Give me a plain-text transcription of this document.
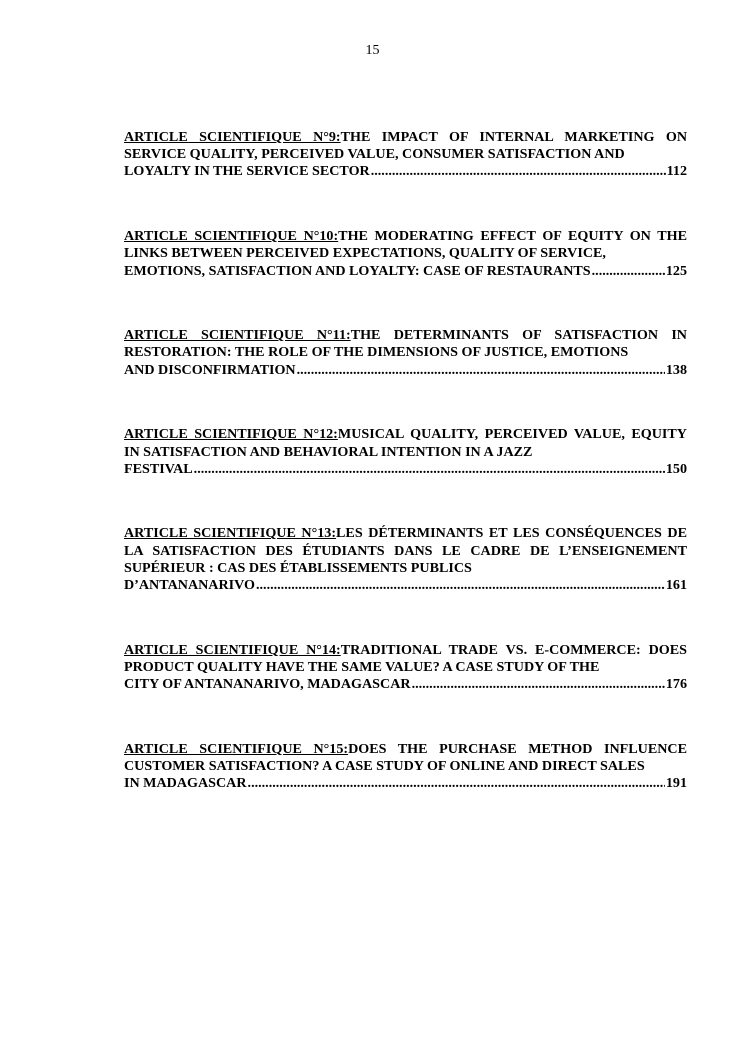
15
ARTICLE SCIENTIFIQUE N°9:THE IMPACT OF INTERNAL MARKETING ON SERVICE QUALITY, PERCEIVED VALUE, CONSUMER SATISFACTION AND
LOYALTY IN THE SERVICE SECTOR .....	112
ARTICLE SCIENTIFIQUE N°10:THE MODERATING EFFECT OF EQUITY ON THE LINKS BETWEEN PERCEIVED EXPECTATIONS, QUALITY OF SERVICE,
EMOTIONS, SATISFACTION AND LOYALTY: CASE OF RESTAURANTS .....	125
ARTICLE SCIENTIFIQUE N°11:THE DETERMINANTS OF SATISFACTION IN RESTORATION: THE ROLE OF THE DIMENSIONS OF JUSTICE, EMOTIONS
AND DISCONFIRMATION .....	138
ARTICLE SCIENTIFIQUE N°12:MUSICAL QUALITY, PERCEIVED VALUE, EQUITY IN SATISFACTION AND BEHAVIORAL INTENTION IN A JAZZ
FESTIVAL .....	150
ARTICLE SCIENTIFIQUE N°13:LES DÉTERMINANTS ET LES CONSÉQUENCES DE LA SATISFACTION DES ÉTUDIANTS DANS LE CADRE DE L’ENSEIGNEMENT SUPÉRIEUR : CAS DES ÉTABLISSEMENTS PUBLICS
D’ANTANANARIVO .....	161
ARTICLE SCIENTIFIQUE N°14:TRADITIONAL TRADE VS. E-COMMERCE: DOES PRODUCT QUALITY HAVE THE SAME VALUE? A CASE STUDY OF THE
CITY OF ANTANANARIVO, MADAGASCAR .....	176
ARTICLE SCIENTIFIQUE N°15:DOES THE PURCHASE METHOD INFLUENCE CUSTOMER SATISFACTION? A CASE STUDY OF ONLINE AND DIRECT SALES
IN MADAGASCAR .....	191
